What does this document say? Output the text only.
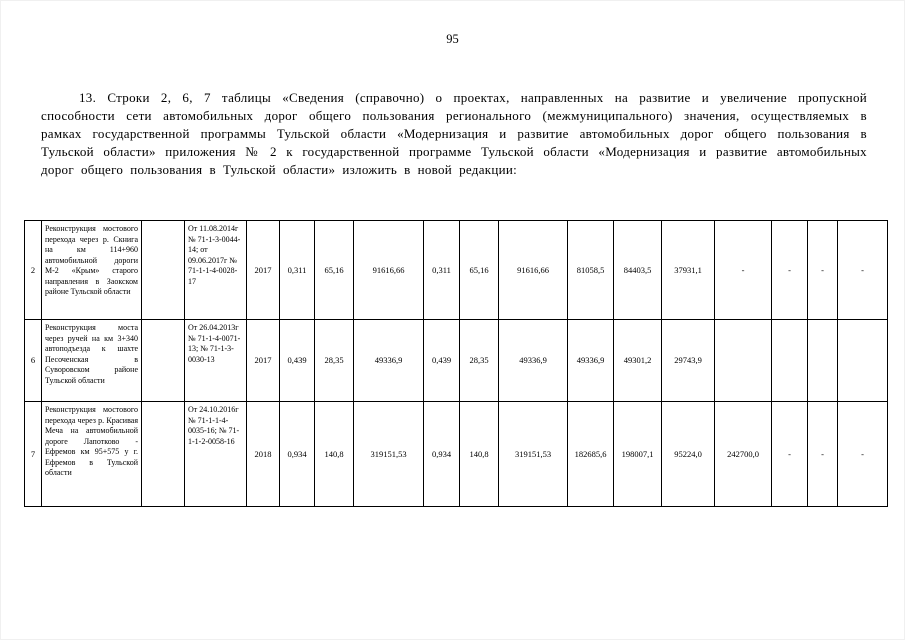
95
13. Строки 2, 6, 7 таблицы «Сведения (справочно) о проектах, направленных на развитие и увеличение пропускной способности сети автомобильных дорог общего пользования регионального (межмуниципального) значения, осуществляемых в рамках государственной программы Тульской области «Модернизация и развитие автомобильных дорог общего пользования в Тульской области» приложения № 2 к государственной программе Тульской области «Модернизация и развитие автомобильных дорог общего пользования в Тульской области» изложить в новой редакции:
2	Реконструкция мостового перехода через р. Скнига на км 114+960 автомобильной дороги М-2 «Крым» старого направления в Заокском районе Тульской области		От 11.08.2014г № 71-1-3-0044-14; от 09.06.2017г № 71-1-1-4-0028-17	2017	0,311	65,16	91616,66	0,311	65,16	91616,66	81058,5	84403,5	37931,1	-	-	-	-
6	Реконструкция моста через ручей на км 3+340 автоподъезда к шахте Песоченская в Суворовском районе Тульской области		От 26.04.2013г № 71-1-4-0071-13; № 71-1-3-0030-13	2017	0,439	28,35	49336,9	0,439	28,35	49336,9	49336,9	49301,2	29743,9				
7	Реконструкция мостового перехода через р. Красивая Меча на автомобильной дороге Лапотково - Ефремов км 95+575 у г. Ефремов в Тульской области		От 24.10.2016г № 71-1-1-4-0035-16; № 71-1-1-2-0058-16	2018	0,934	140,8	319151,53	0,934	140,8	319151,53	182685,6	198007,1	95224,0	242700,0	-	-	-
